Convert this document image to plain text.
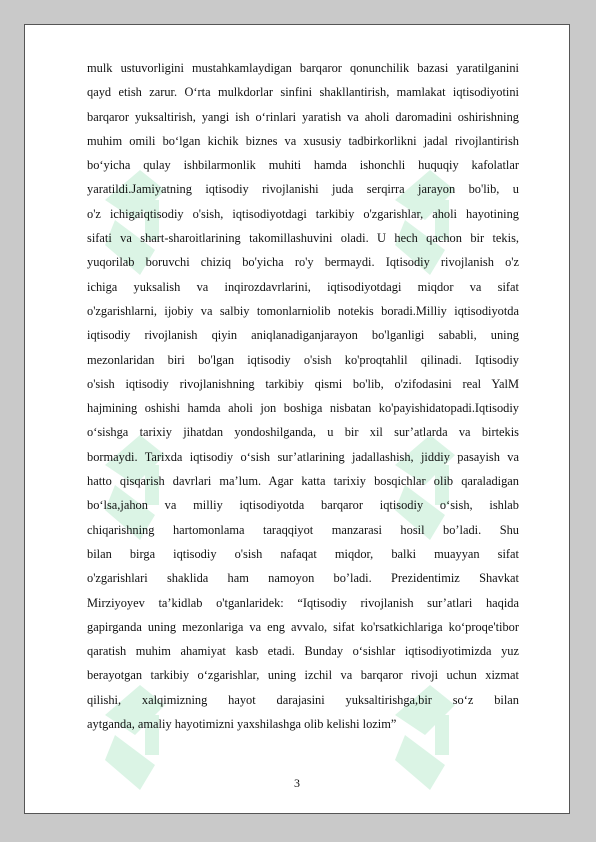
mulk ustuvorligini mustahkamlaydigan barqaror qonunchilik bazasi yaratilganini
qayd etish zarur. O‘rta mulkdorlar sinfini shakllantirish, mamlakat iqtisodiyotini
barqaror yuksaltirish, yangi ish o‘rinlari yaratish va aholi daromadini oshirishning
muhim omili bo‘lgan kichik biznes va xususiy tadbirkorlikni jadal rivojlantirish
bo‘yicha qulay ishbilarmonlik muhiti hamda ishonchli huquqiy kafolatlar
yaratildi.Jamiyatning iqtisodiy rivojlanishi juda serqirra jarayon bo'lib, u
o'z ichigaiqtisodiy o'sish, iqtisodiyotdagi tarkibiy o'zgarishlar, aholi hayotining
sifati va shart-sharoitlarining takomillashuvini oladi. U hech qachon bir tekis,
yuqorilab boruvchi chiziq bo'yicha ro'y bermaydi. Iqtisodiy rivojlanish o'z
ichiga yuksalish va inqirozdavrlarini, iqtisodiyotdagi miqdor va sifat
o'zgarishlarni, ijobiy va salbiy tomonlarniolib notekis boradi.Milliy iqtisodiyotda
iqtisodiy rivojlanish qiyin aniqlanadiganjarayon bo'lganligi sababli, uning
mezonlaridan biri bo'lgan iqtisodiy o'sish ko'proqtahlil qilinadi. Iqtisodiy
o'sish iqtisodiy rivojlanishning tarkibiy qismi bo'lib, o'zifodasini real YalM
hajmining oshishi hamda aholi jon boshiga nisbatan ko'payishidatopadi.Iqtisodiy
o‘sishga tarixiy jihatdan yondoshilganda, u bir xil sur’atlarda va birtekis
bormaydi. Tarixda iqtisodiy o‘sish sur’atlarining jadallashish, jiddiy pasayish va
hatto qisqarish davrlari ma’lum. Agar katta tarixiy bosqichlar olib qaraladigan
bo‘lsa,jahon va milliy iqtisodiyotda barqaror iqtisodiy o‘sish, ishlab
chiqarishning hartomonlama taraqqiyot manzarasi hosil bo’ladi. Shu
bilan birga iqtisodiy o'sish nafaqat miqdor, balki muayyan sifat
o'zgarishlari shaklida ham namoyon bo’ladi. Prezidentimiz Shavkat
Mirziyoyev ta’kidlab o'tganlaridek: “Iqtisodiy rivojlanish sur’atlari haqida
gapirganda uning mezonlariga va eng avvalo, sifat ko'rsatkichlariga ko‘proqe'tibor
qaratish muhim ahamiyat kasb etadi. Bunday o‘sishlar iqtisodiyotimizda yuz
berayotgan tarkibiy o‘zgarishlar, uning izchil va barqaror rivoji uchun xizmat
qilishi, xalqimizning hayot darajasini yuksaltirishga,bir so‘z bilan
aytganda, amaliy hayotimizni yaxshilashga olib kelishi lozim”
3
